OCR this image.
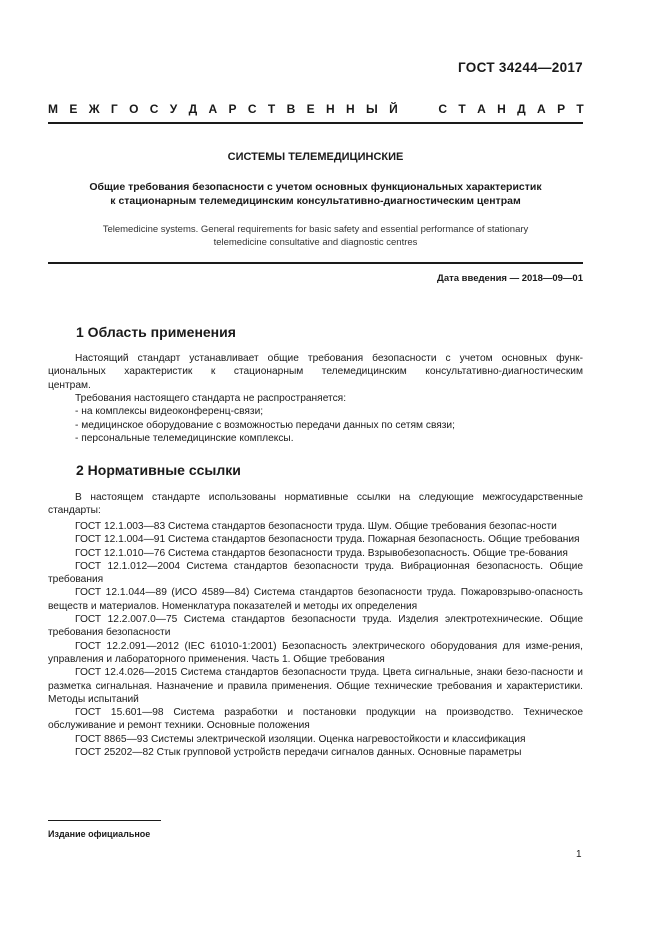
ГОСТ 34244—2017
М Е Ж Г О С У Д А Р С Т В Е Н Н Ы Й

	С Т А Н Д А Р Т
СИСТЕМЫ ТЕЛЕМЕДИЦИНСКИЕ
Общие требования безопасности с учетом основных функциональных характеристик
к стационарным телемедицинским консультативно-диагностическим центрам
Telemedicine systems. General requirements for basic safety and essential performance of stationary
telemedicine consultative and diagnostic centres
Дата введения — 2018—09—01
1 Область применения
Настоящий стандарт устанавливает общие требования безопасности с учетом основных функ-
циональных характеристик к стационарным телемедицинским консультативно-диагностическим
центрам.
Требования настоящего стандарта не распространяется:
- на комплексы видеоконференц-связи;
- медицинское оборудование с возможностью передачи данных по сетям связи;
- персональные телемедицинские комплексы.
2 Нормативные ссылки
В настоящем стандарте использованы нормативные ссылки на следующие межгосударственные
стандарты:

ГОСТ 12.1.003—83 Система стандартов безопасности труда. Шум. Общие требования безопас-ности

ГОСТ 12.1.004—91 Система стандартов безопасности труда. Пожарная безопасность. Общие требования

ГОСТ 12.1.010—76 Система стандартов безопасности труда. Взрывобезопасность. Общие тре-бования

ГОСТ 12.1.012—2004 Система стандартов безопасности труда. Вибрационная безопасность. Общие требования

ГОСТ 12.1.044—89 (ИСО 4589—84) Система стандартов безопасности труда. Пожаровзрыво-опасность веществ и материалов. Номенклатура показателей и методы их определения

ГОСТ 12.2.007.0—75 Система стандартов безопасности труда. Изделия электротехнические. Общие требования безопасности

ГОСТ 12.2.091—2012 (IEC 61010-1:2001) Безопасность электрического оборудования для изме-рения, управления и лабораторного применения. Часть 1. Общие требования

ГОСТ 12.4.026—2015 Система стандартов безопасности труда. Цвета сигнальные, знаки безо-пасности и разметка сигнальная. Назначение и правила применения. Общие технические требования и характеристики. Методы испытаний

ГОСТ 15.601—98 Система разработки и постановки продукции на производство. Техническое обслуживание и ремонт техники. Основные положения

ГОСТ 8865—93 Системы электрической изоляции. Оценка нагревостойкости и классификация

ГОСТ 25202—82 Стык групповой устройств передачи сигналов данных. Основные параметры

Издание официальное
1
